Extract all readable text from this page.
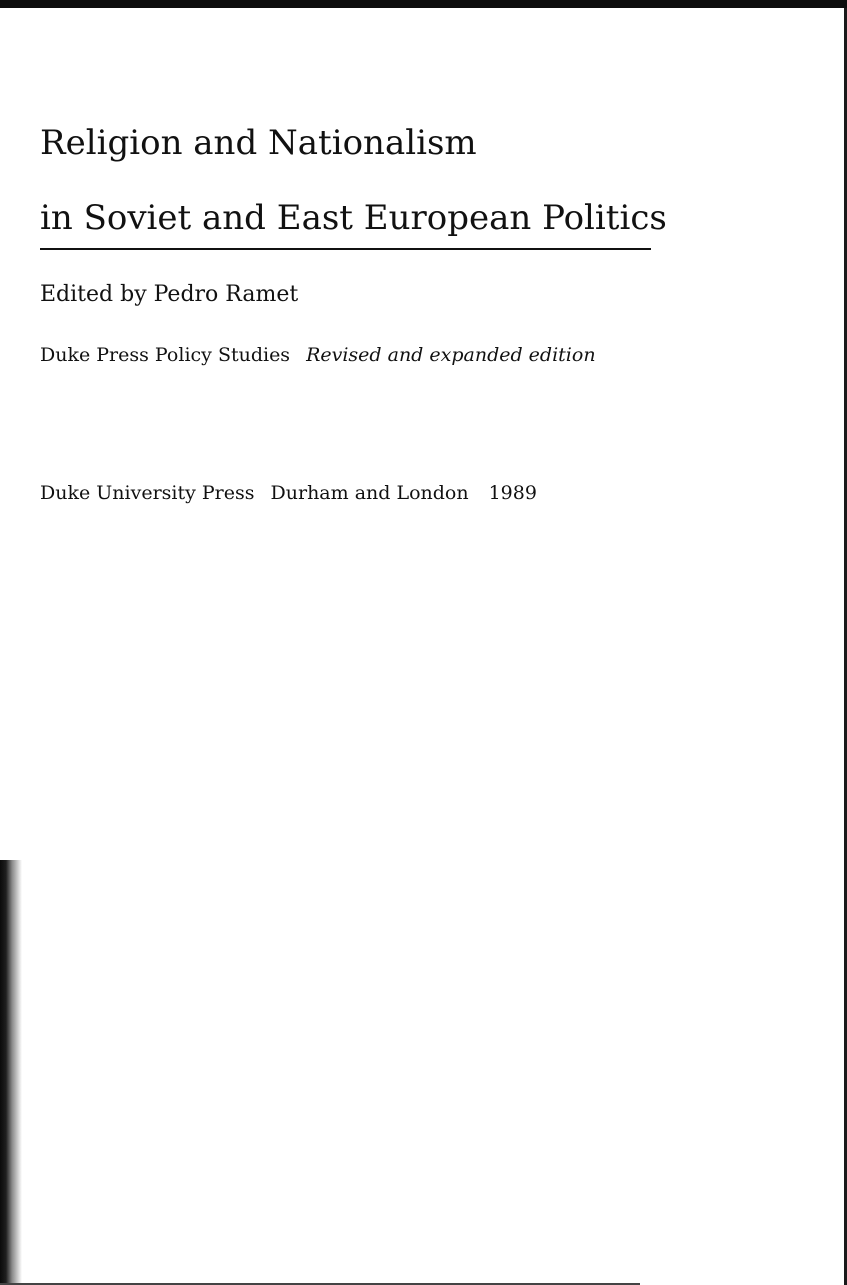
Religion and Nationalism
in Soviet and East European Politics
Edited by Pedro Ramet
Duke Press Policy Studies Revised and expanded edition
Duke University Press Durham and London 1989
